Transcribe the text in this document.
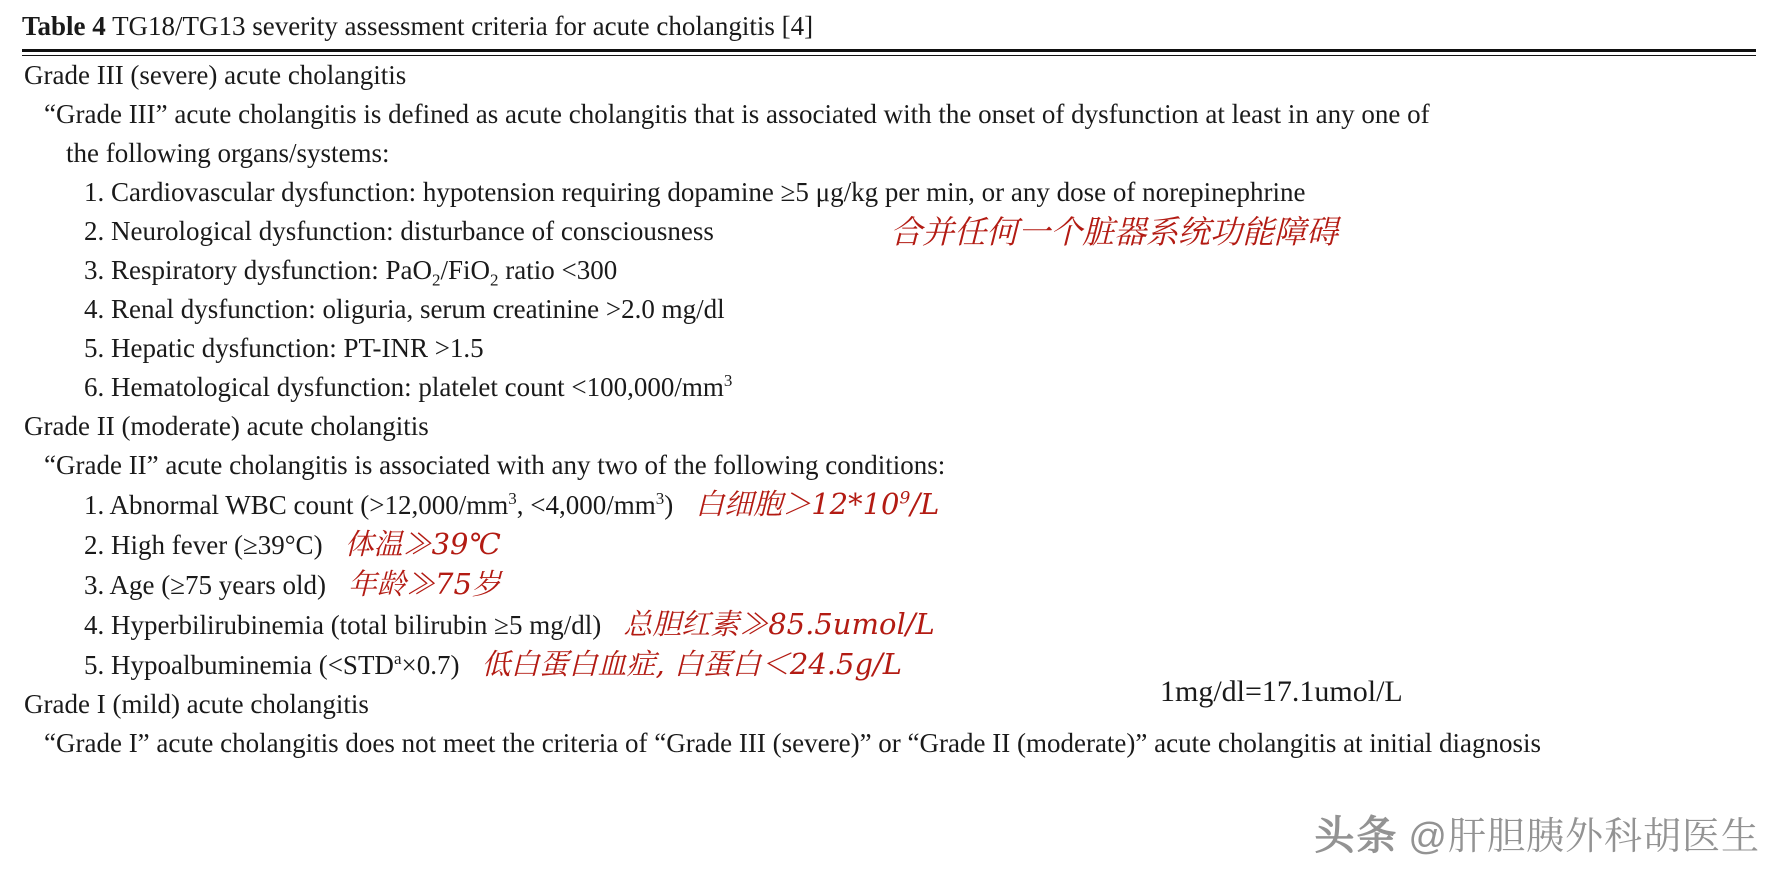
Table 4 TG18/TG13 severity assessment criteria for acute cholangitis [4]
Grade III (severe) acute cholangitis
“Grade III” acute cholangitis is defined as acute cholangitis that is associated with the onset of dysfunction at least in any one of
the following organs/systems:
1. Cardiovascular dysfunction: hypotension requiring dopamine ≥5 μg/kg per min, or any dose of norepinephrine
2. Neurological dysfunction: disturbance of consciousness
3. Respiratory dysfunction: PaO$_2$/FiO$_2$ ratio <300
4. Renal dysfunction: oliguria, serum creatinine >2.0 mg/dl
5. Hepatic dysfunction: PT-INR >1.5
6. Hematological dysfunction: platelet count $<100,000/mm^3$
合并任何一个脏器系统功能障碍
Grade II (moderate) acute cholangitis
“Grade II” acute cholangitis is associated with any two of the following conditions:
1. Abnormal WBC count ($>12,000/mm^3$, $<4,000/mm^3$) 白细胞$>12*10^9/L$
2. High fever (≥39°C) 体温≫39℃
3. Age (≥75 years old) 年龄≫75岁
4. Hyperbilirubinemia (total bilirubin ≥5 mg/dl) 总胆红素≫85.5umol/L
5. Hypoalbuminemia $(<STD^a\times 0.7)$ 低白蛋白血症, 白蛋白＜24.5g/L
1mg/dl=17.1umol/L
Grade I (mild) acute cholangitis
“Grade I” acute cholangitis does not meet the criteria of “Grade III (severe)” or “Grade II (moderate)” acute cholangitis at initial diagnosis
头条 @肝胆胰外科胡医生
